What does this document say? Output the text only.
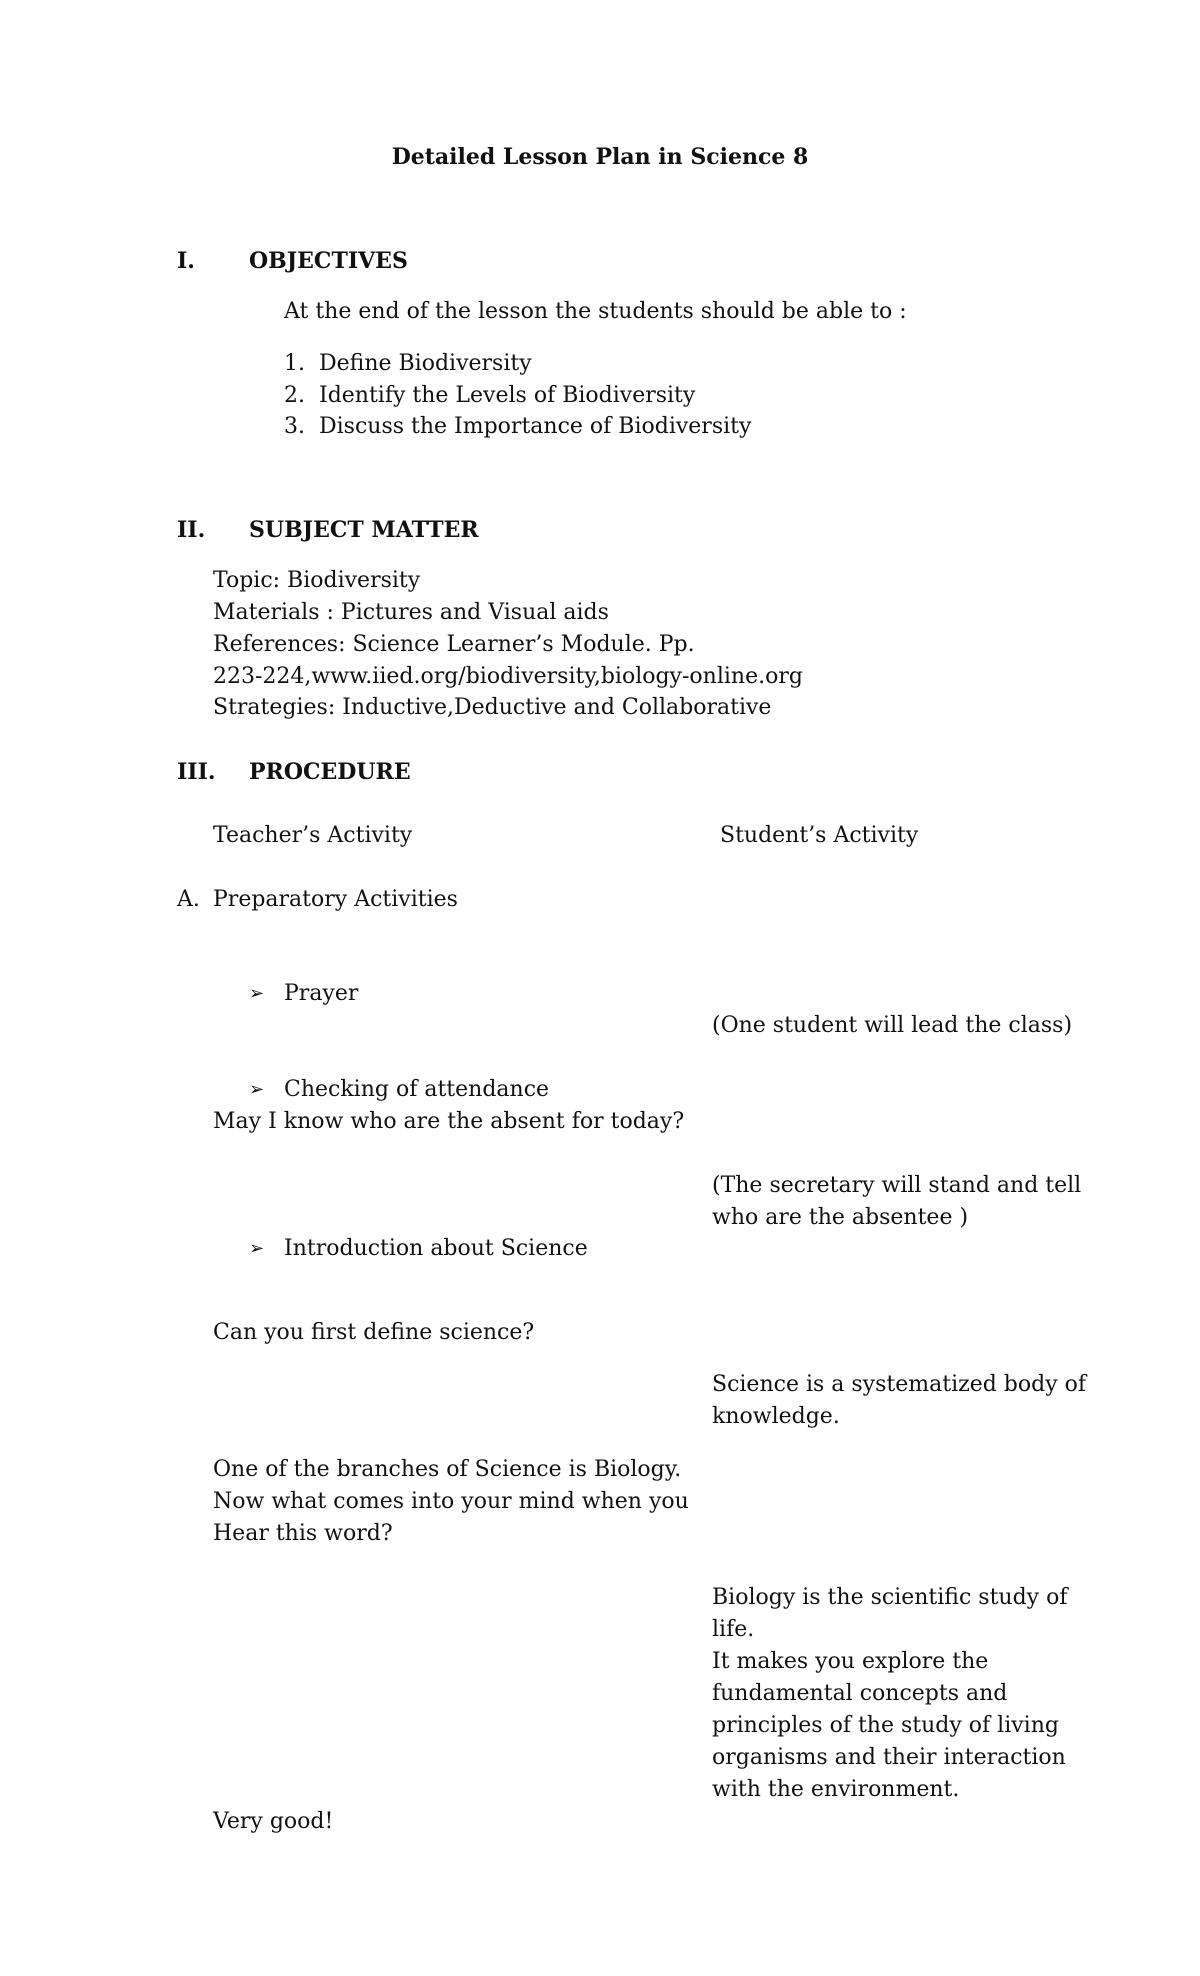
Detailed Lesson Plan in Science 8
I. OBJECTIVES
At the end of the lesson the students should be able to :
1. Define Biodiversity
2. Identify the Levels of Biodiversity
3. Discuss the Importance of Biodiversity
II. SUBJECT MATTER
Topic: Biodiversity
Materials : Pictures and Visual aids
References: Science Learner’s Module. Pp.
223-224,www.iied.org/biodiversity,biology-online.org
Strategies: Inductive,Deductive and Collaborative
III. PROCEDURE
Teacher’s Activity	Student’s Activity
A. Preparatory Activities
➢ Prayer
(One student will lead the class)
➢ Checking of attendance
May I know who are the absent for today?
(The secretary will stand and tell
who are the absentee )
➢ Introduction about Science
Can you first define science?
Science is a systematized body of
knowledge.
One of the branches of Science is Biology.
Now what comes into your mind when you
Hear this word?
Biology is the scientific study of
life.
It makes you explore the
fundamental concepts and
principles of the study of living
organisms and their interaction
with the environment.
Very good!
